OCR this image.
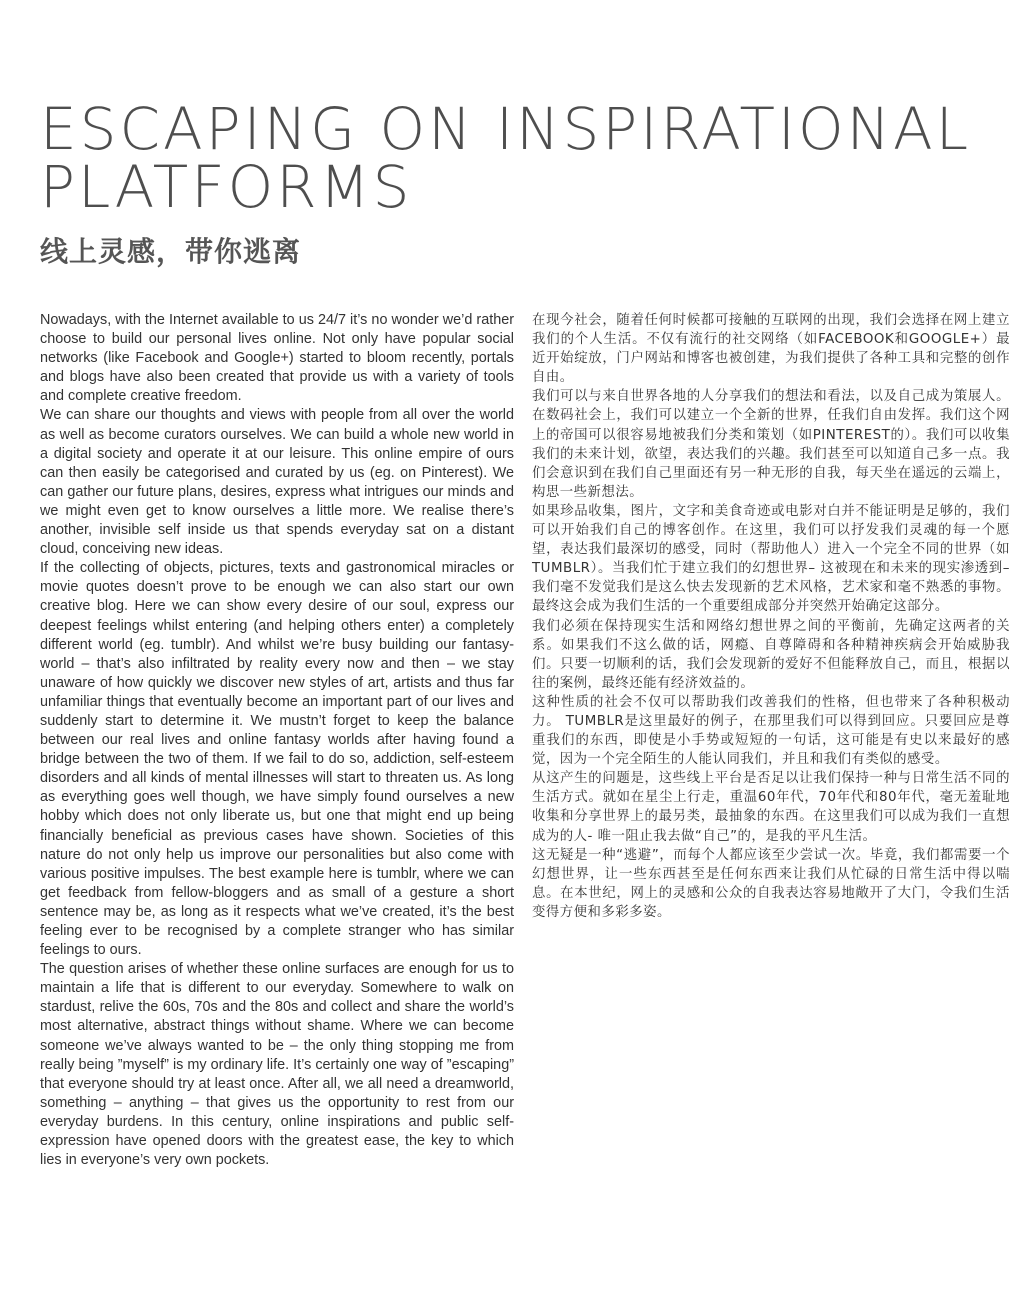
ESCAPING ON INSPIRATIONAL PLATFORMS
线上灵感，带你逃离

Nowadays, with the Internet available to us 24/7 it’s no wonder we’d rather choose to build our personal lives online. Not only have popular social networks (like Facebook and Google+) started to bloom recently, portals and blogs have also been created that provide us with a variety of tools and complete creative freedom.

We can share our thoughts and views with people from all over the world as well as become curators ourselves. We can build a whole new world in a digital society and operate it at our leisure. This online empire of ours can then easily be categorised and curated by us (eg. on Pinterest). We can gather our future plans, desires, express what intrigues our minds and we might even get to know ourselves a little more. We realise there’s another, invisible self inside us that spends everyday sat on a distant cloud, conceiving new ideas.

If the collecting of objects, pictures, texts and gastronomical miracles or movie quotes doesn’t prove to be enough we can also start our own creative blog. Here we can show every desire of our soul, express our deepest feelings whilst entering (and helping others enter) a completely different world (eg. tumblr). And whilst we’re busy building our fantasy-world – that’s also infiltrated by reality every now and then – we stay unaware of how quickly we discover new styles of art, artists and thus far unfamiliar things that eventually become an important part of our lives and suddenly start to determine it. We mustn’t forget to keep the balance between our real lives and online fantasy worlds after having found a bridge between the two of them. If we fail to do so, addiction, self-esteem disorders and all kinds of mental illnesses will start to threaten us. As long as everything goes well though, we have simply found ourselves a new hobby which does not only liberate us, but one that might end up being financially beneficial as previous cases have shown. Societies of this nature do not only help us improve our personalities but also come with various positive impulses. The best example here is tumblr, where we can get feedback from fellow-bloggers and as small of a gesture a short sentence may be, as long as it respects what we’ve created, it’s the best feeling ever to be recognised by a complete stranger who has similar feelings to ours.

The question arises of whether these online surfaces are enough for us to maintain a life that is different to our everyday. Somewhere to walk on stardust, relive the 60s, 70s and the 80s and collect and share the world’s most alternative, abstract things without shame. Where we can become someone we’ve always wanted to be – the only thing stopping me from really being ”myself” is my ordinary life. It’s certainly one way of ”escaping” that everyone should try at least once. After all, we all need a dreamworld, something – anything – that gives us the opportunity to rest from our everyday burdens. In this century, online inspirations and public self-expression have opened doors with the greatest ease, the key to which lies in everyone’s very own pockets.

在现今社会，随着任何时候都可接触的互联网的出现，我们会选择在网上建立我们的个人生活。不仅有流行的社交网络（如FACEBOOK和GOOGLE+）最近开始绽放，门户网站和博客也被创建，为我们提供了各种工具和完整的创作自由。

我们可以与来自世界各地的人分享我们的想法和看法，以及自己成为策展人。在数码社会上，我们可以建立一个全新的世界，任我们自由发挥。我们这个网上的帝国可以很容易地被我们分类和策划（如PINTEREST的）。我们可以收集我们的未来计划，欲望，表达我们的兴趣。我们甚至可以知道自己多一点。我们会意识到在我们自己里面还有另一种无形的自我，每天坐在遥远的云端上，构思一些新想法。

如果珍品收集，图片，文字和美食奇迹或电影对白并不能证明是足够的，我们可以开始我们自己的博客创作。在这里，我们可以抒发我们灵魂的每一个愿望，表达我们最深切的感受，同时（帮助他人）进入一个完全不同的世界（如TUMBLR）。当我们忙于建立我们的幻想世界– 这被现在和未来的现实渗透到– 我们毫不发觉我们是这么快去发现新的艺术风格，艺术家和毫不熟悉的事物。最终这会成为我们生活的一个重要组成部分并突然开始确定这部分。

我们必须在保持现实生活和网络幻想世界之间的平衡前，先确定这两者的关系。如果我们不这么做的话，网瘾、自尊障碍和各种精神疾病会开始威胁我们。只要一切顺利的话，我们会发现新的爱好不但能释放自己，而且，根据以往的案例，最终还能有经济效益的。

这种性质的社会不仅可以帮助我们改善我们的性格，但也带来了各种积极动力。 TUMBLR是这里最好的例子，在那里我们可以得到回应。只要回应是尊重我们的东西，即使是小手势或短短的一句话，这可能是有史以来最好的感觉，因为一个完全陌生的人能认同我们，并且和我们有类似的感受。

从这产生的问题是，这些线上平台是否足以让我们保持一种与日常生活不同的生活方式。就如在星尘上行走，重温60年代，70年代和80年代，毫无羞耻地收集和分享世界上的最另类，最抽象的东西。在这里我们可以成为我们一直想成为的人- 唯一阻止我去做“自己”的，是我的平凡生活。

这无疑是一种“逃避”，而每个人都应该至少尝试一次。毕竟，我们都需要一个幻想世界，让一些东西甚至是任何东西来让我们从忙碌的日常生活中得以喘息。在本世纪，网上的灵感和公众的自我表达容易地敞开了大门，令我们生活变得方便和多彩多姿。
